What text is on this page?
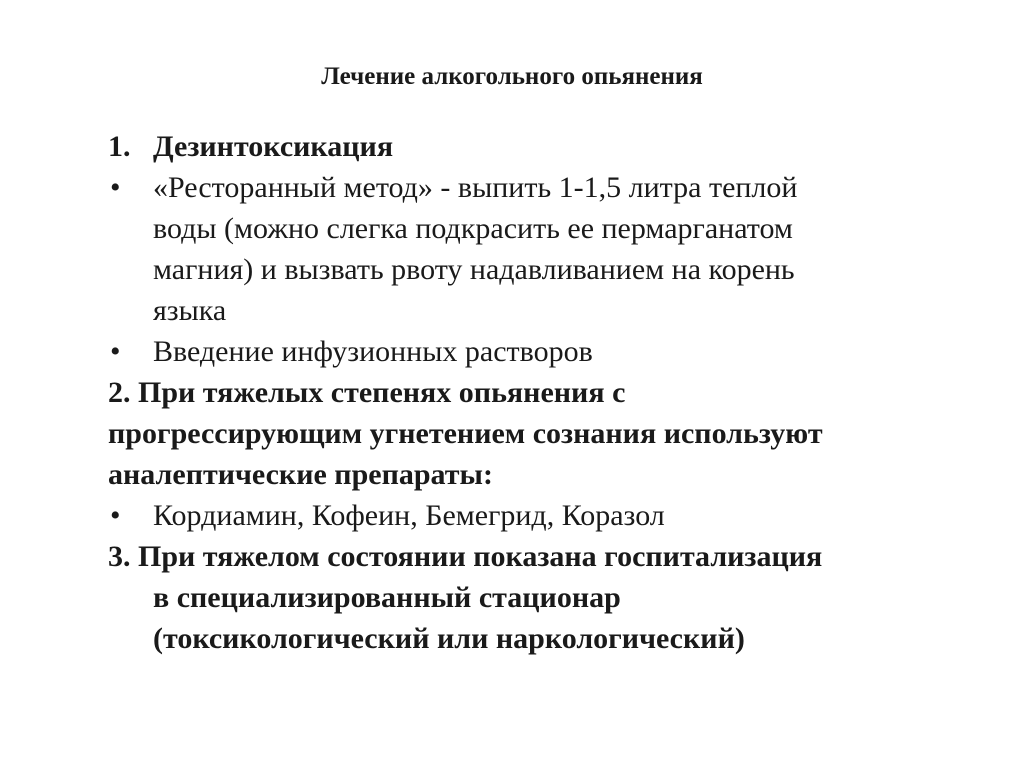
Лечение алкогольного опьянения
1. Дезинтоксикация
•	«Ресторанный метод» - выпить 1-1,5 литра теплой
воды (можно слегка подкрасить ее пермарганатом
магния) и вызвать рвоту надавливанием на корень
языка
•	Введение инфузионных растворов
2. При тяжелых степенях опьянения с
прогрессирующим угнетением сознания используют
аналептические препараты:
•	Кордиамин, Кофеин, Бемегрид, Коразол
3. При тяжелом состоянии показана госпитализация
в специализированный стационар
(токсикологический или наркологический)
